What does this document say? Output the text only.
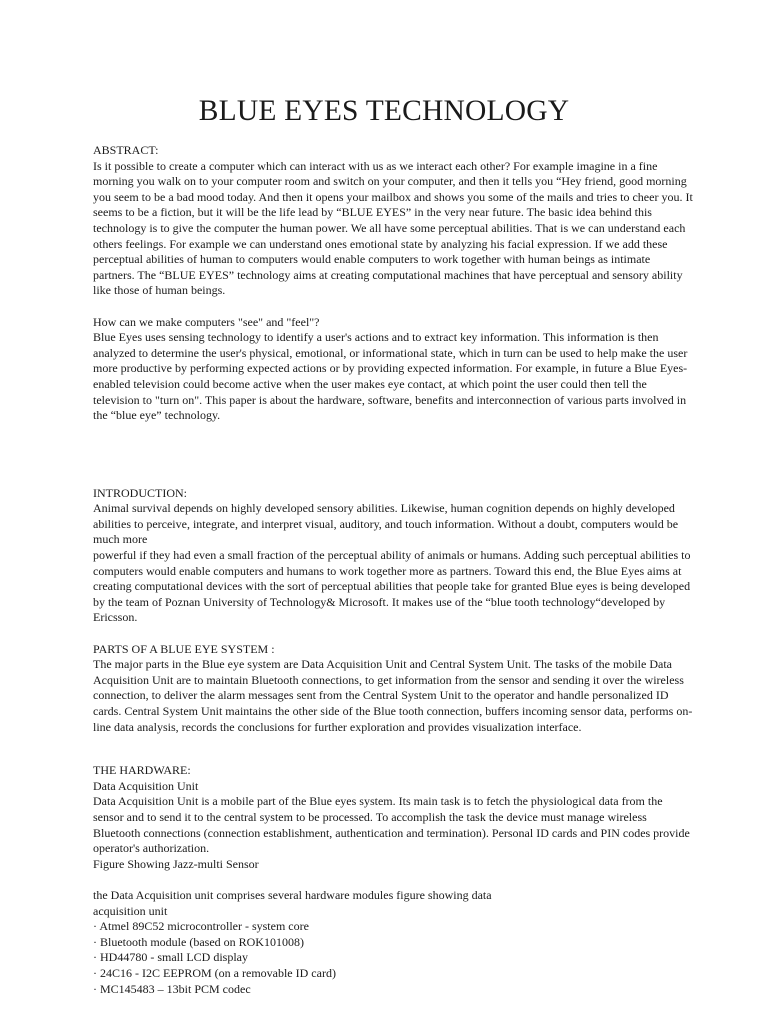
BLUE EYES TECHNOLOGY
ABSTRACT:
Is it possible to create a computer which can interact with us as we interact each other? For example imagine in a fine
morning you walk on to your computer room and switch on your computer, and then it tells you “Hey friend, good morning
you seem to be a bad mood today. And then it opens your mailbox and shows you some of the mails and tries to cheer you. It
seems to be a fiction, but it will be the life lead by “BLUE EYES” in the very near future. The basic idea behind this
technology is to give the computer the human power. We all have some perceptual abilities. That is we can understand each
others feelings. For example we can understand ones emotional state by analyzing his facial expression. If we add these
perceptual abilities of human to computers would enable computers to work together with human beings as intimate
partners. The “BLUE EYES” technology aims at creating computational machines that have perceptual and sensory ability
like those of human beings.
How can we make computers "see" and "feel"?
Blue Eyes uses sensing technology to identify a user's actions and to extract key information. This information is then
analyzed to determine the user's physical, emotional, or informational state, which in turn can be used to help make the user
more productive by performing expected actions or by providing expected information. For example, in future a Blue Eyes-
enabled television could become active when the user makes eye contact, at which point the user could then tell the
television to "turn on". This paper is about the hardware, software, benefits and interconnection of various parts involved in
the “blue eye” technology.
INTRODUCTION:
Animal survival depends on highly developed sensory abilities. Likewise, human cognition depends on highly developed
abilities to perceive, integrate, and interpret visual, auditory, and touch information. Without a doubt, computers would be
much more
powerful if they had even a small fraction of the perceptual ability of animals or humans. Adding such perceptual abilities to
computers would enable computers and humans to work together more as partners. Toward this end, the Blue Eyes aims at
creating computational devices with the sort of perceptual abilities that people take for granted Blue eyes is being developed
by the team of Poznan University of Technology& Microsoft. It makes use of the “blue tooth technology“developed by
Ericsson.
PARTS OF A BLUE EYE SYSTEM :
The major parts in the Blue eye system are Data Acquisition Unit and Central System Unit. The tasks of the mobile Data
Acquisition Unit are to maintain Bluetooth connections, to get information from the sensor and sending it over the wireless
connection, to deliver the alarm messages sent from the Central System Unit to the operator and handle personalized ID
cards. Central System Unit maintains the other side of the Blue tooth connection, buffers incoming sensor data, performs on-
line data analysis, records the conclusions for further exploration and provides visualization interface.
THE HARDWARE:
Data Acquisition Unit
Data Acquisition Unit is a mobile part of the Blue eyes system. Its main task is to fetch the physiological data from the
sensor and to send it to the central system to be processed. To accomplish the task the device must manage wireless
Bluetooth connections (connection establishment, authentication and termination). Personal ID cards and PIN codes provide
operator's authorization.
Figure Showing Jazz-multi Sensor
the Data Acquisition unit comprises several hardware modules figure showing data
acquisition unit
· Atmel 89C52 microcontroller - system core
· Bluetooth module (based on ROK101008)
· HD44780 - small LCD display
· 24C16 - I2C EEPROM (on a removable ID card)
· MC145483 – 13bit PCM codec
